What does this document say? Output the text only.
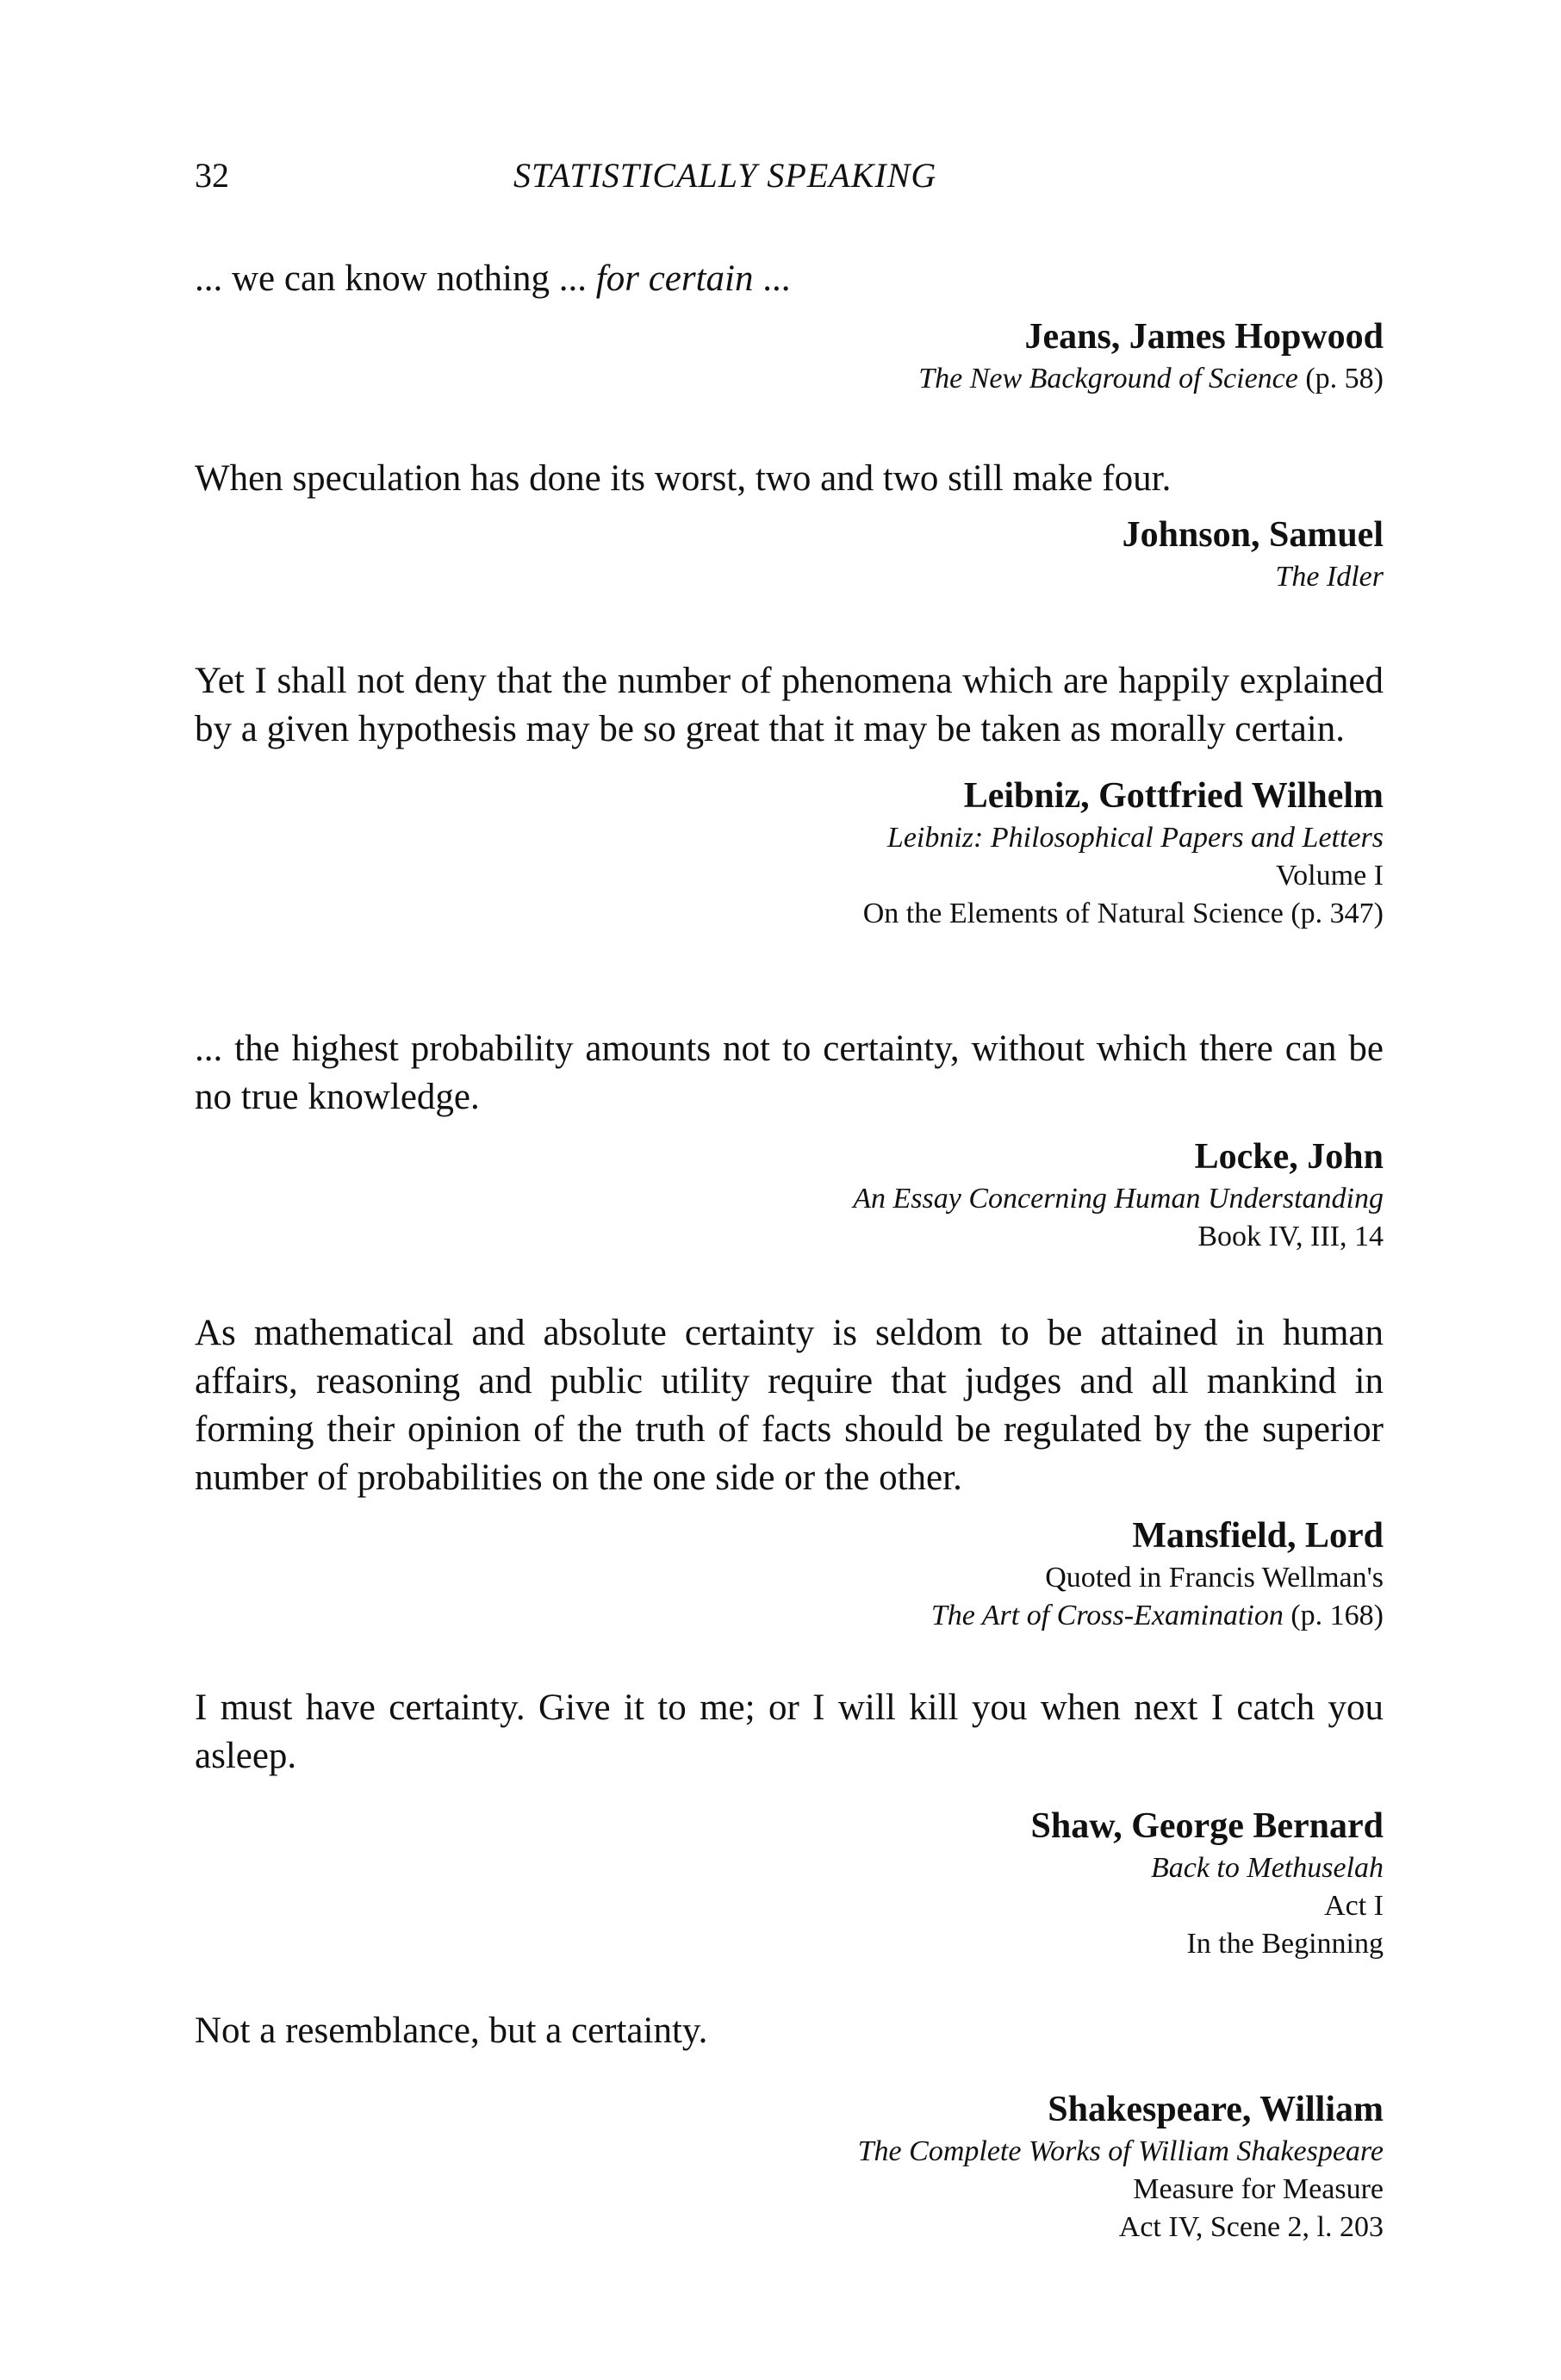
32	STATISTICALLY SPEAKING

... we can know nothing ... for certain ...

Jeans, James Hopwood
The New Background of Science (p. 58)

When speculation has done its worst, two and two still make four.

Johnson, Samuel
The Idler

Yet I shall not deny that the number of phenomena which are happily explained by a given hypothesis may be so great that it may be taken as morally certain.

Leibniz, Gottfried Wilhelm
Leibniz: Philosophical Papers and Letters
Volume I
On the Elements of Natural Science (p. 347)

... the highest probability amounts not to certainty, without which there can be no true knowledge.

Locke, John
An Essay Concerning Human Understanding
Book IV, III, 14

As mathematical and absolute certainty is seldom to be attained in human affairs, reasoning and public utility require that judges and all mankind in forming their opinion of the truth of facts should be regulated by the superior number of probabilities on the one side or the other.

Mansfield, Lord
Quoted in Francis Wellman's
The Art of Cross-Examination (p. 168)

I must have certainty. Give it to me; or I will kill you when next I catch you asleep.

Shaw, George Bernard
Back to Methuselah
Act I
In the Beginning

Not a resemblance, but a certainty.

Shakespeare, William
The Complete Works of William Shakespeare
Measure for Measure
Act IV, Scene 2, l. 203
